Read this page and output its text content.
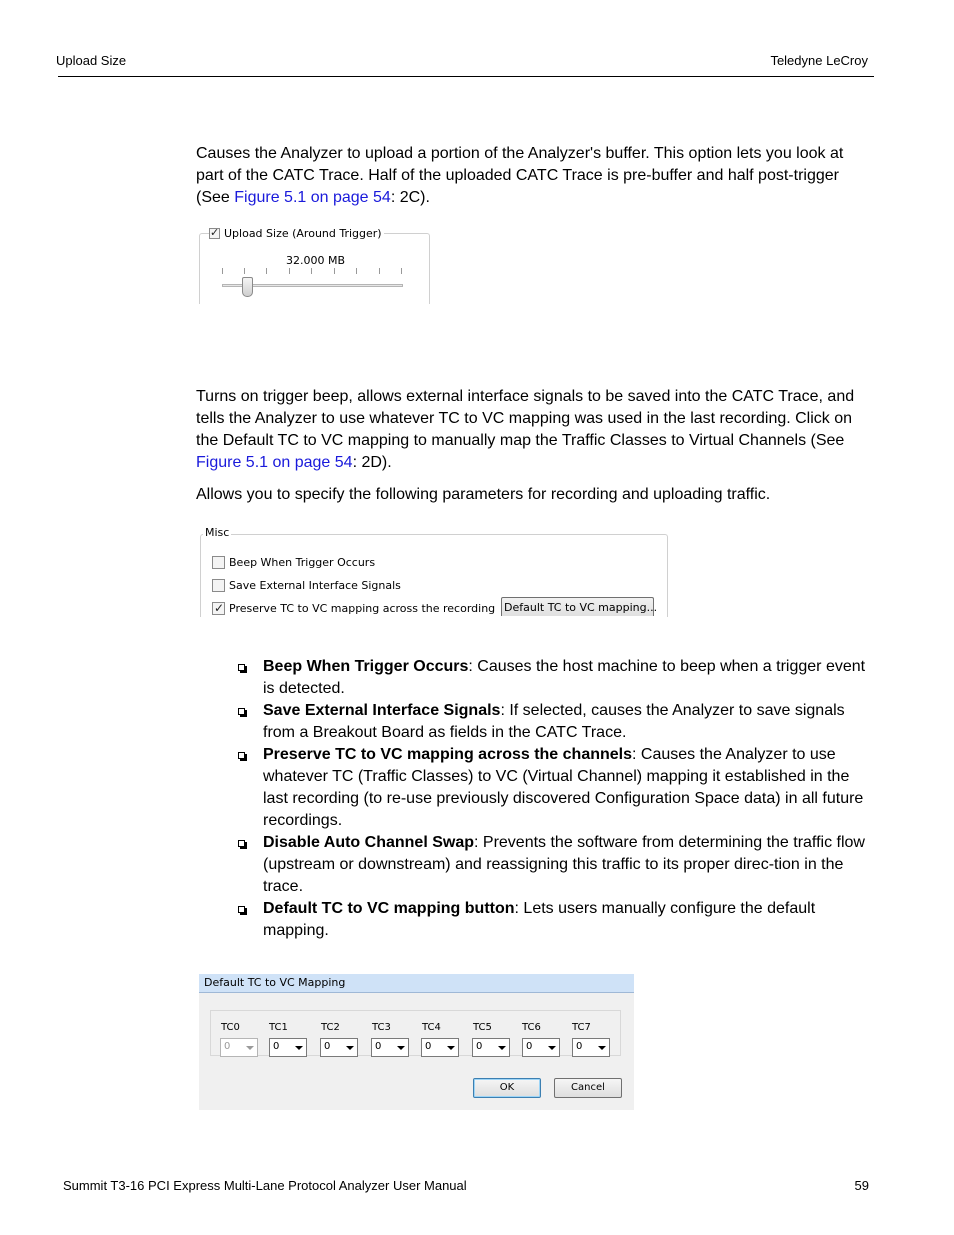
Upload Size	Teledyne LeCroy
Causes the Analyzer to upload a portion of the Analyzer's buffer. This option lets you look at part of the CATC Trace. Half of the uploaded CATC Trace is pre-buffer and half post-trigger (See Figure 5.1 on page 54: 2C).
✓
Upload Size (Around Trigger)
32.000 MB
Turns on trigger beep, allows external interface signals to be saved into the CATC Trace, and tells the Analyzer to use whatever TC to VC mapping was used in the last recording. Click on the Default TC to VC mapping to manually map the Traffic Classes to Virtual Channels (See Figure 5.1 on page 54: 2D).
Allows you to specify the following parameters for recording and uploading traffic.
Misc
Beep When Trigger Occurs
Save External Interface Signals
✓
Preserve TC to VC mapping across the recording Default TC to VC mapping...
Beep When Trigger Occurs: Causes the host machine to beep when a trigger event is detected.
Save External Interface Signals: If selected, causes the Analyzer to save signals from a Breakout Board as fields in the CATC Trace.
Preserve TC to VC mapping across the channels: Causes the Analyzer to use whatever TC (Traffic Classes) to VC (Virtual Channel) mapping it established in the last recording (to re-use previously discovered Configuration Space data) in all future recordings.
Disable Auto Channel Swap: Prevents the software from determining the traffic flow (upstream or downstream) and reassigning this traffic to its proper direc-tion in the trace.
Default TC to VC mapping button: Lets users manually configure the default mapping.
Default TC to VC Mapping
TC0	TC1	TC2	TC3	TC4	TC5	TC6	TC7
0	0	0	0	0	0	0	0
OK	Cancel
Summit T3-16 PCI Express Multi-Lane Protocol Analyzer User Manual	59
